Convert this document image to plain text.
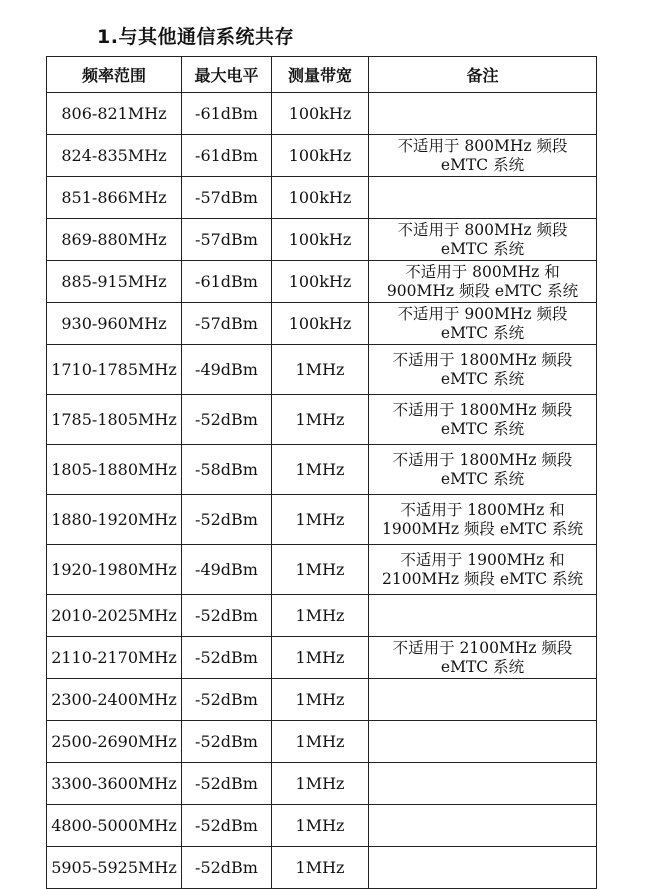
1.与其他通信系统共存
频率范围	最大电平	测量带宽	备注
806-821MHz	-61dBm	100kHz	
824-835MHz	-61dBm	100kHz	不适用于 800MHz 频段
eMTC 系统
851-866MHz	-57dBm	100kHz	
869-880MHz	-57dBm	100kHz	不适用于 800MHz 频段
eMTC 系统
885-915MHz	-61dBm	100kHz	不适用于 800MHz 和
900MHz 频段 eMTC 系统
930-960MHz	-57dBm	100kHz	不适用于 900MHz 频段
eMTC 系统
1710-1785MHz	-49dBm	1MHz	不适用于 1800MHz 频段
eMTC 系统
1785-1805MHz	-52dBm	1MHz	不适用于 1800MHz 频段
eMTC 系统
1805-1880MHz	-58dBm	1MHz	不适用于 1800MHz 频段
eMTC 系统
1880-1920MHz	-52dBm	1MHz	不适用于 1800MHz 和
1900MHz 频段 eMTC 系统
1920-1980MHz	-49dBm	1MHz	不适用于 1900MHz 和
2100MHz 频段 eMTC 系统
2010-2025MHz	-52dBm	1MHz	
2110-2170MHz	-52dBm	1MHz	不适用于 2100MHz 频段
eMTC 系统
2300-2400MHz	-52dBm	1MHz	
2500-2690MHz	-52dBm	1MHz	
3300-3600MHz	-52dBm	1MHz	
4800-5000MHz	-52dBm	1MHz	
5905-5925MHz	-52dBm	1MHz	
